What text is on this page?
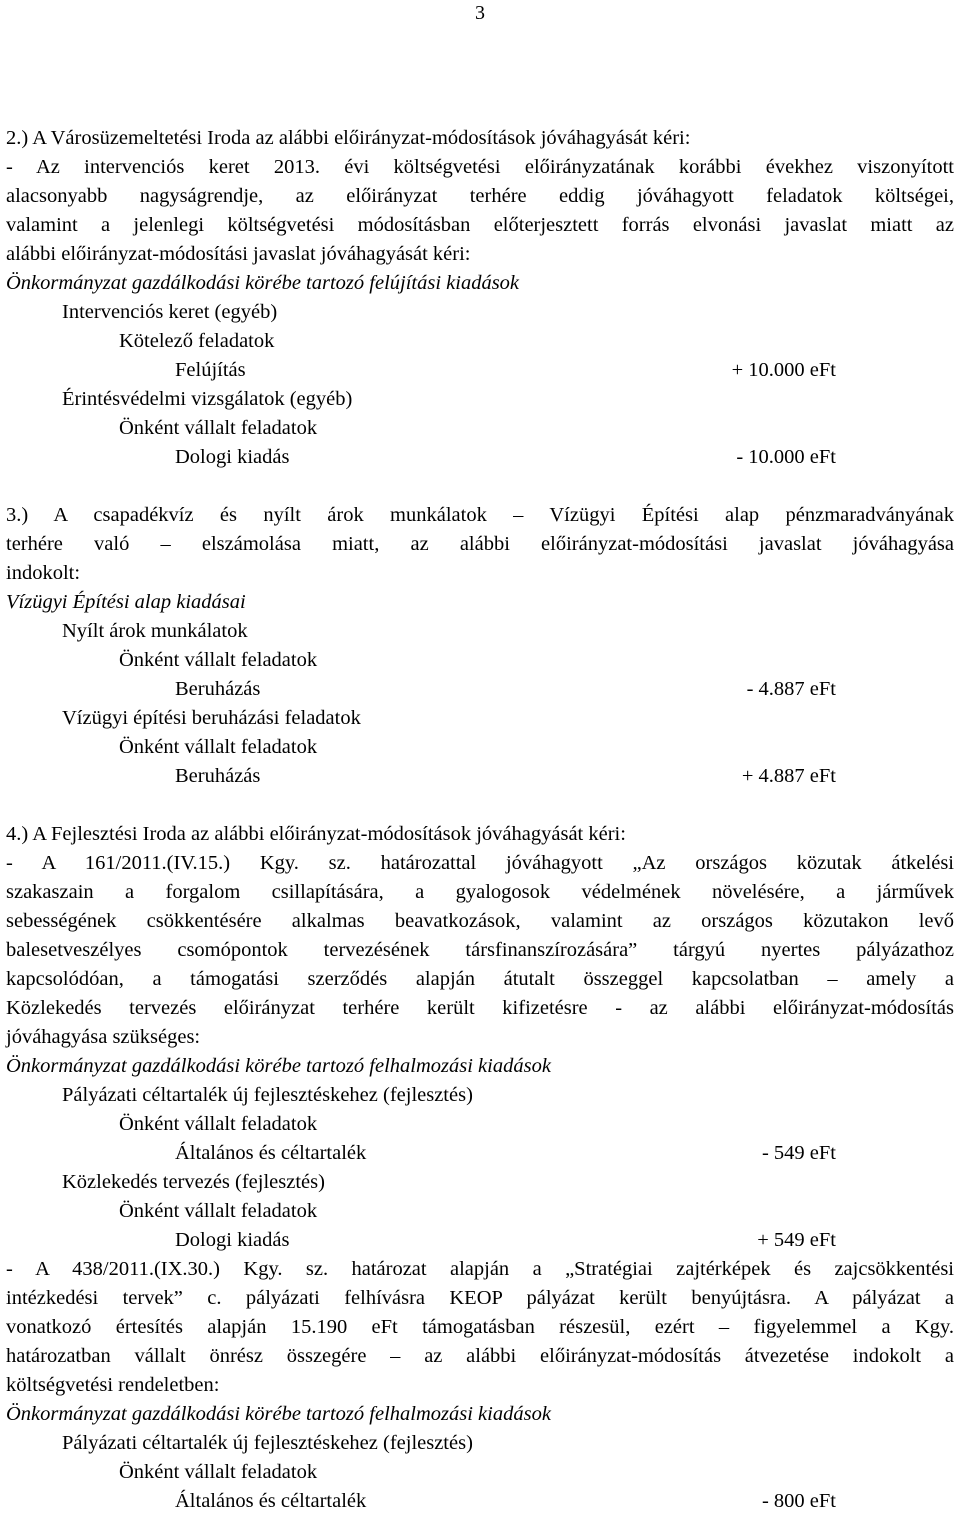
3
2.) A Városüzemeltetési Iroda az alábbi előirányzat-módosítások jóváhagyását kéri:
- Az intervenciós keret 2013. évi költségvetési előirányzatának korábbi évekhez viszonyított
alacsonyabb nagyságrendje, az előirányzat terhére eddig jóváhagyott feladatok költségei,
valamint a jelenlegi költségvetési módosításban előterjesztett forrás elvonási javaslat miatt az
alábbi előirányzat-módosítási javaslat jóváhagyását kéri:
Önkormányzat gazdálkodási körébe tartozó felújítási kiadások
Intervenciós keret (egyéb)
Kötelező feladatok
Felújítás	+ 10.000 eFt
Érintésvédelmi vizsgálatok (egyéb)
Önként vállalt feladatok
Dologi kiadás	- 10.000 eFt
3.) A csapadékvíz és nyílt árok munkálatok – Vízügyi Építési alap pénzmaradványának
terhére való – elszámolása miatt, az alábbi előirányzat-módosítási javaslat jóváhagyása
indokolt:
Vízügyi Építési alap kiadásai
Nyílt árok munkálatok
Önként vállalt feladatok
Beruházás	- 4.887 eFt
Vízügyi építési beruházási feladatok
Önként vállalt feladatok
Beruházás	+ 4.887 eFt
4.) A Fejlesztési Iroda az alábbi előirányzat-módosítások jóváhagyását kéri:
- A 161/2011.(IV.15.) Kgy. sz. határozattal jóváhagyott „Az országos közutak átkelési
szakaszain a forgalom csillapítására, a gyalogosok védelmének növelésére, a járművek
sebességének csökkentésére alkalmas beavatkozások, valamint az országos közutakon levő
balesetveszélyes csomópontok tervezésének társfinanszírozására” tárgyú nyertes pályázathoz
kapcsolódóan, a támogatási szerződés alapján átutalt összeggel kapcsolatban – amely a
Közlekedés tervezés előirányzat terhére került kifizetésre - az alábbi előirányzat-módosítás
jóváhagyása szükséges:
Önkormányzat gazdálkodási körébe tartozó felhalmozási kiadások
Pályázati céltartalék új fejlesztéskehez (fejlesztés)
Önként vállalt feladatok
Általános és céltartalék	- 549 eFt
Közlekedés tervezés (fejlesztés)
Önként vállalt feladatok
Dologi kiadás	+ 549 eFt
- A 438/2011.(IX.30.) Kgy. sz. határozat alapján a „Stratégiai zajtérképek és zajcsökkentési
intézkedési tervek” c. pályázati felhívásra KEOP pályázat került benyújtásra. A pályázat a
vonatkozó értesítés alapján 15.190 eFt támogatásban részesül, ezért – figyelemmel a Kgy.
határozatban vállalt önrész összegére – az alábbi előirányzat-módosítás átvezetése indokolt a
költségvetési rendeletben:
Önkormányzat gazdálkodási körébe tartozó felhalmozási kiadások
Pályázati céltartalék új fejlesztéskehez (fejlesztés)
Önként vállalt feladatok
Általános és céltartalék	- 800 eFt
